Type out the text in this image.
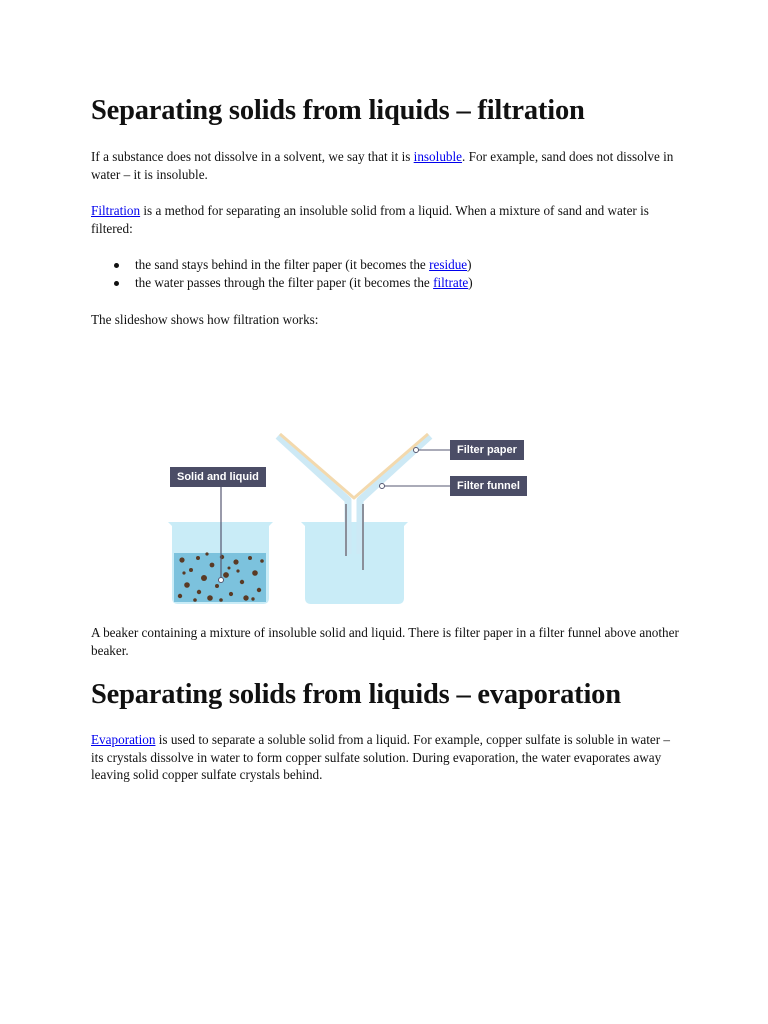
Separating solids from liquids – filtration

If a substance does not dissolve in a solvent, we say that it is insoluble. For example, sand does not dissolve in water – it is insoluble.

Filtration is a method for separating an insoluble solid from a liquid. When a mixture of sand and water is filtered:

the sand stays behind in the filter paper (it becomes the residue)
the water passes through the filter paper (it becomes the filtrate)

The slideshow shows how filtration works:

A beaker containing a mixture of insoluble solid and liquid. There is filter paper in a filter funnel above another beaker.

Separating solids from liquids – evaporation

Evaporation is used to separate a soluble solid from a liquid. For example, copper sulfate is soluble in water – its crystals dissolve in water to form copper sulfate solution. During evaporation, the water evaporates away leaving solid copper sulfate crystals behind.

Solid and liquid
Filter paper
Filter funnel
